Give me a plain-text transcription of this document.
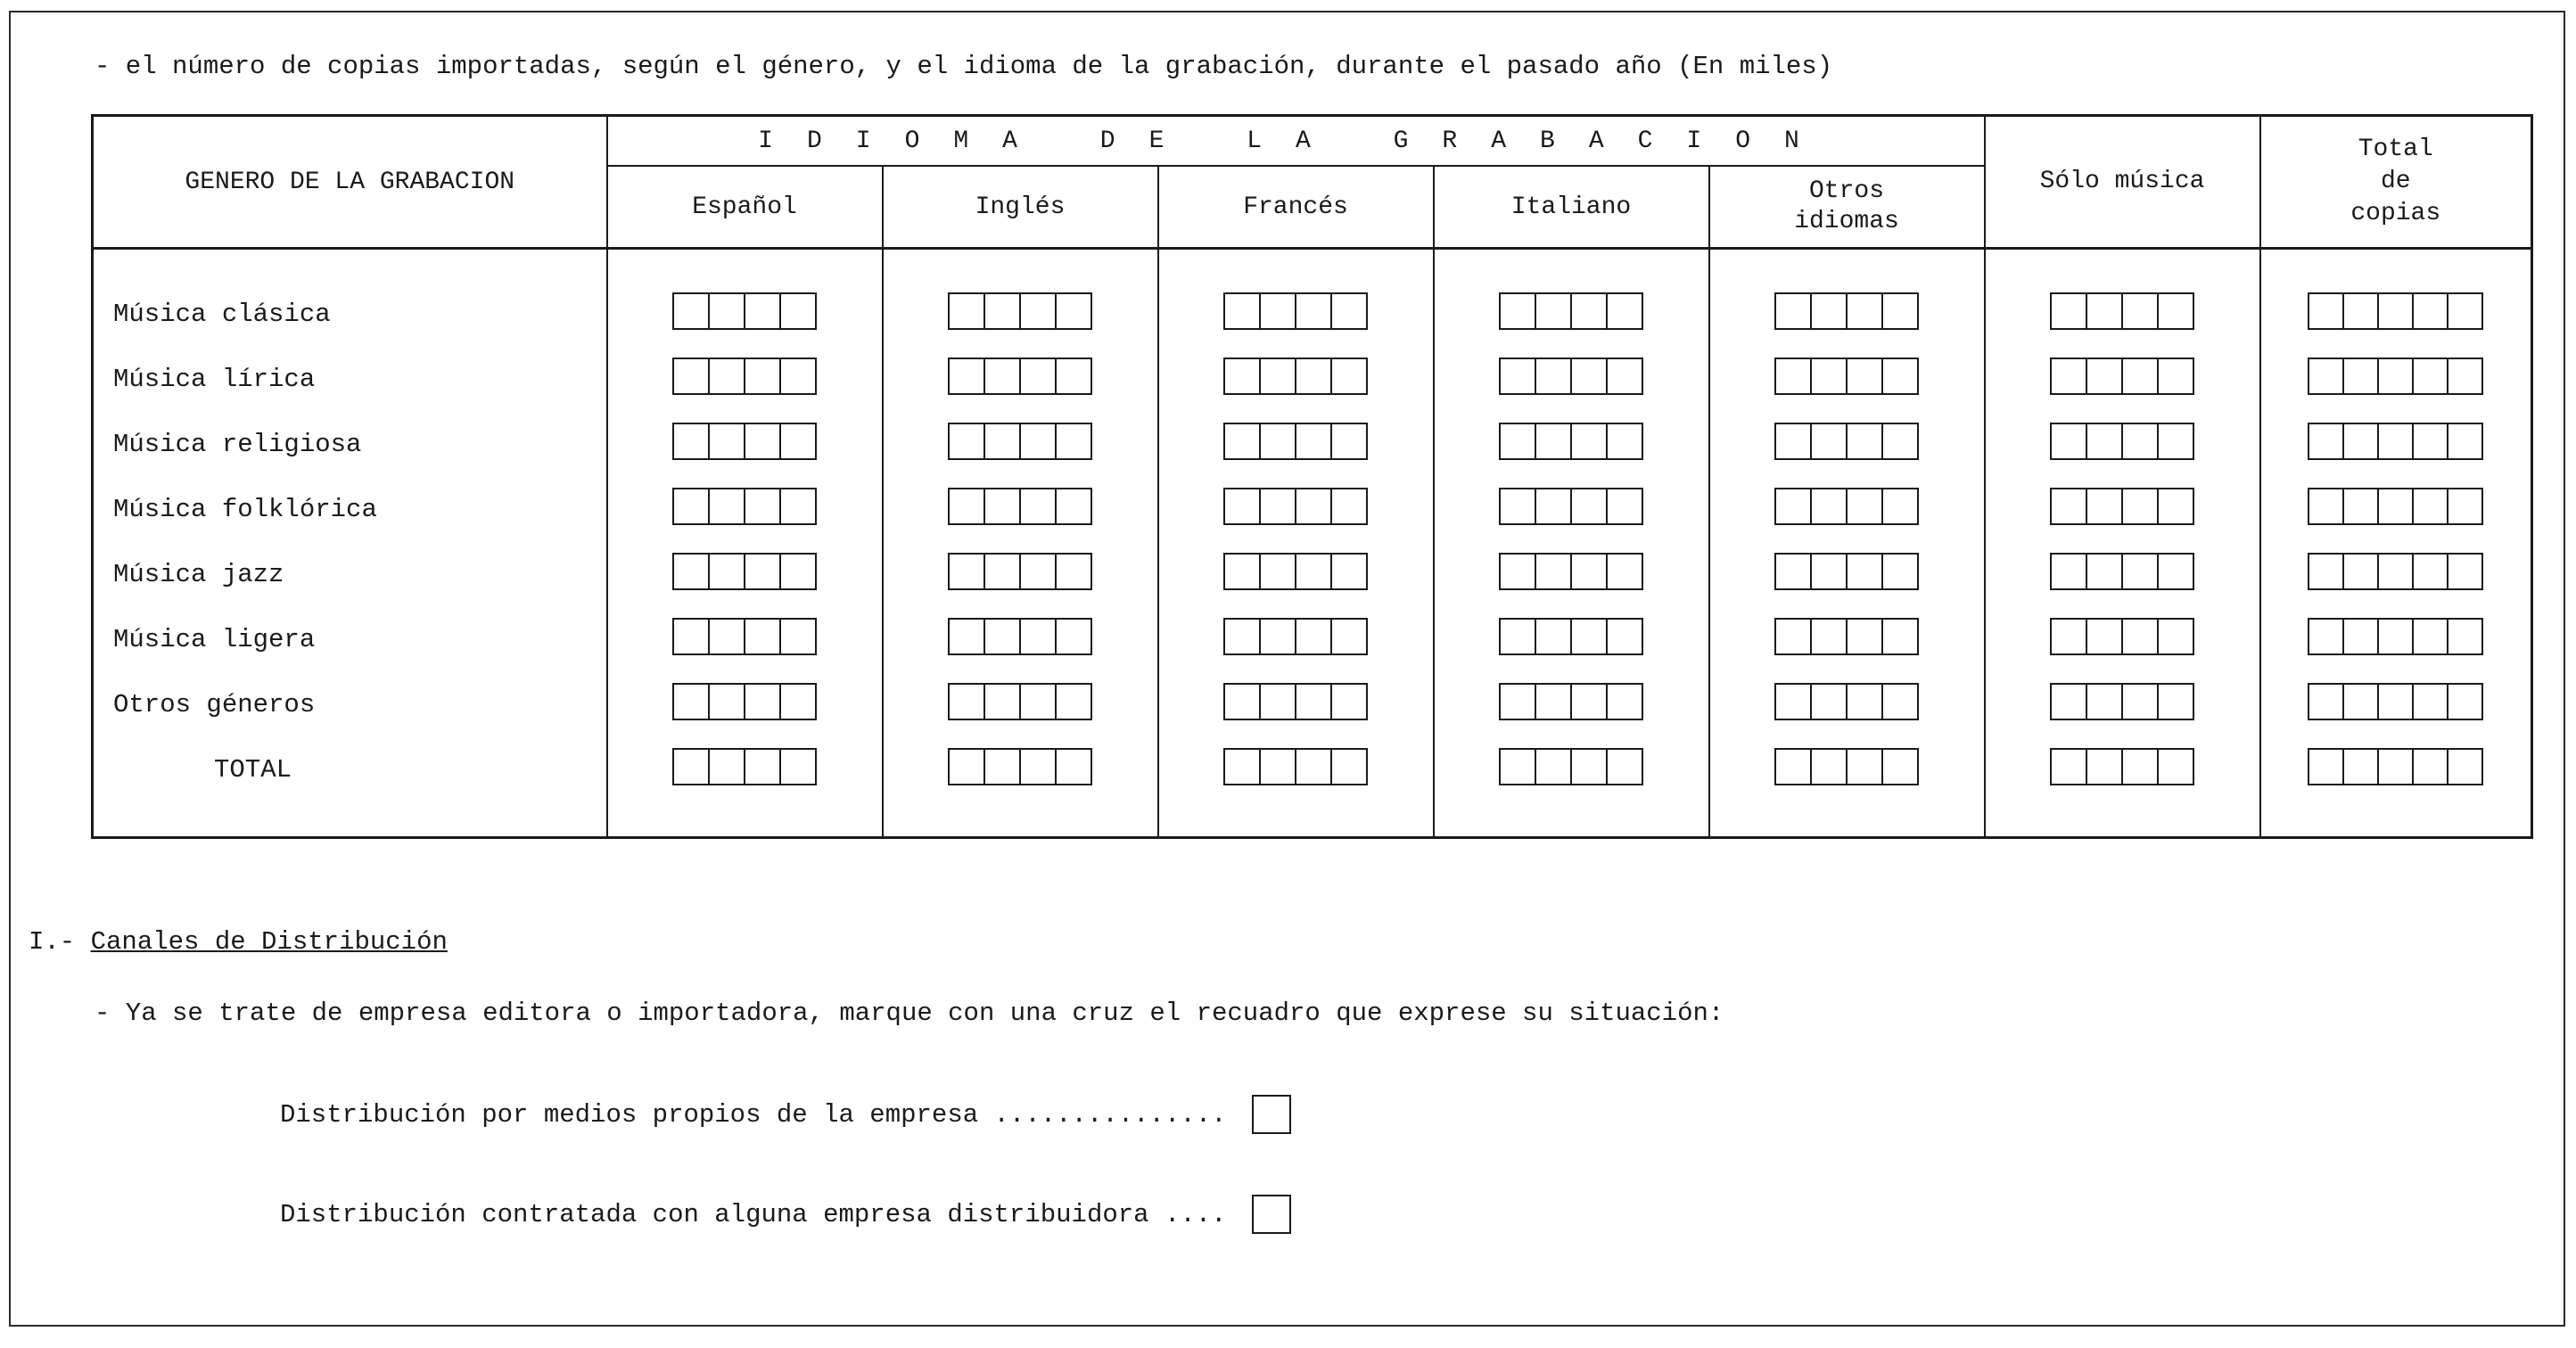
- el número de copias importadas, según el género, y el idioma de la grabación, durante el pasado año (En miles)
GENERO DE LA GRABACION	IDIOMA DE LA GRABACION					Sólo música	Total de copias
	Español	Inglés	Francés	Italiano	Otros idiomas		

Música clásica	

Música lírica	

Música religiosa	

Música folklórica	

Música jazz	

Música ligera	

Otros géneros	

TOTAL	

I.- Canales de Distribución
- Ya se trate de empresa editora o importadora, marque con una cruz el recuadro que exprese su situación:
Distribución por medios propios de la empresa ...............
Distribución contratada con alguna empresa distribuidora ....
